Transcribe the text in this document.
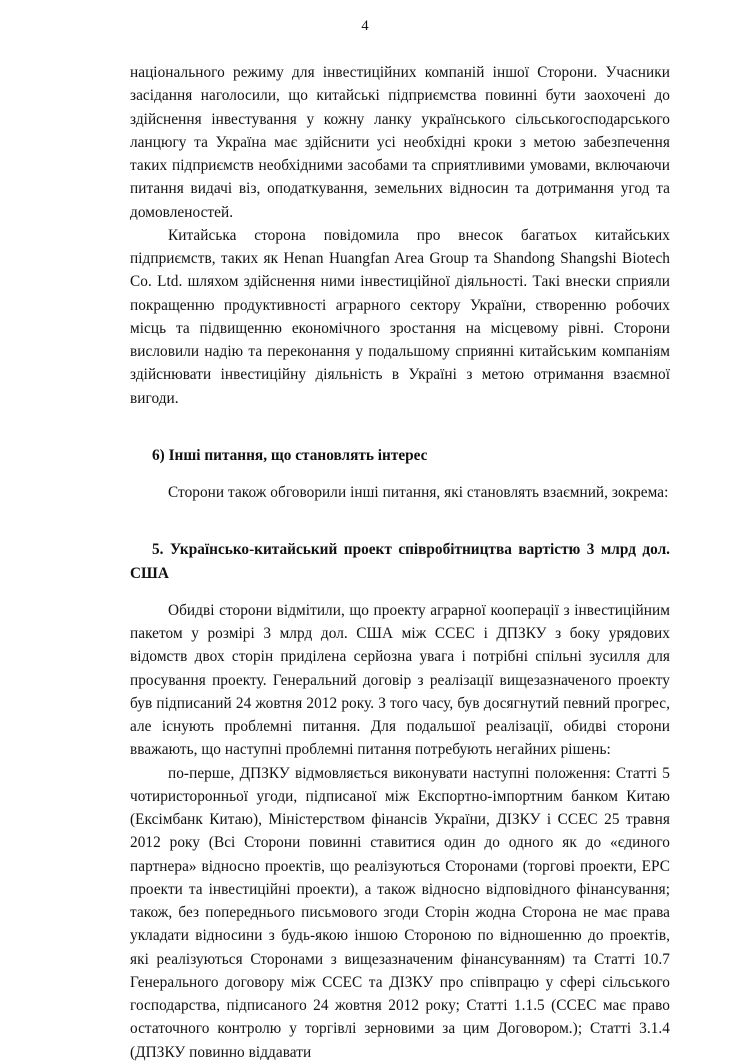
4

національного режиму для інвестиційних компаній іншої Сторони. Учасники засідання наголосили, що китайські підприємства повинні бути заохочені до здійснення інвестування у кожну ланку українського сільськогосподарського ланцюгу та Україна має здійснити усі необхідні кроки з метою забезпечення таких підприємств необхідними засобами та сприятливими умовами, включаючи питання видачі віз, оподаткування, земельних відносин та дотримання угод та домовленостей.

Китайська сторона повідомила про внесок багатьох китайських підприємств, таких як Henan Huangfan Area Group та Shandong Shangshi Biotech Co. Ltd. шляхом здійснення ними інвестиційної діяльності. Такі внески сприяли покращенню продуктивності аграрного сектору України, створенню робочих місць та підвищенню економічного зростання на місцевому рівні. Сторони висловили надію та переконання у подальшому сприянні китайським компаніям здійснювати інвестиційну діяльність в Україні з метою отримання взаємної вигоди.

6) Інші питання, що становлять інтерес

Сторони також обговорили інші питання, які становлять взаємний, зокрема:

5. Українсько-китайський проект співробітництва вартістю 3 млрд дол. США

Обидві сторони відмітили, що проекту аграрної кооперації з інвестиційним пакетом у розмірі 3 млрд дол. США між ССЕС і ДПЗКУ з боку урядових відомств двох сторін приділена серйозна увага і потрібні спільні зусилля для просування проекту. Генеральний договір з реалізації вищезазначеного проекту був підписаний 24 жовтня 2012 року. З того часу, був досягнутий певний прогрес, але існують проблемні питання. Для подальшої реалізації, обидві сторони вважають, що наступні проблемні питання потребують негайних рішень:

по-перше, ДПЗКУ відмовляється виконувати наступні положення: Статті 5 чотиристоронньої угоди, підписаної між Експортно-імпортним банком Китаю (Ексімбанк Китаю), Міністерством фінансів України, ДІЗКУ і ССЕС 25 травня 2012 року (Всі Сторони повинні ставитися один до одного як до «єдиного партнера» відносно проектів, що реалізуються Сторонами (торгові проекти, ЕРС проекти та інвестиційні проекти), а також відносно відповідного фінансування; також, без попереднього письмового згоди Сторін жодна Сторона не має права укладати відносини з будь-якою іншою Стороною по відношенню до проектів, які реалізуються Сторонами з вищезазначеним фінансуванням) та Статті 10.7 Генерального договору між ССЕС та ДІЗКУ про співпрацю у сфері сільського господарства, підписаного 24 жовтня 2012 року; Статті 1.1.5 (ССЕС має право остаточного контролю у торгівлі зерновими за цим Договором.); Статті 3.1.4 (ДПЗКУ повинно віддавати
